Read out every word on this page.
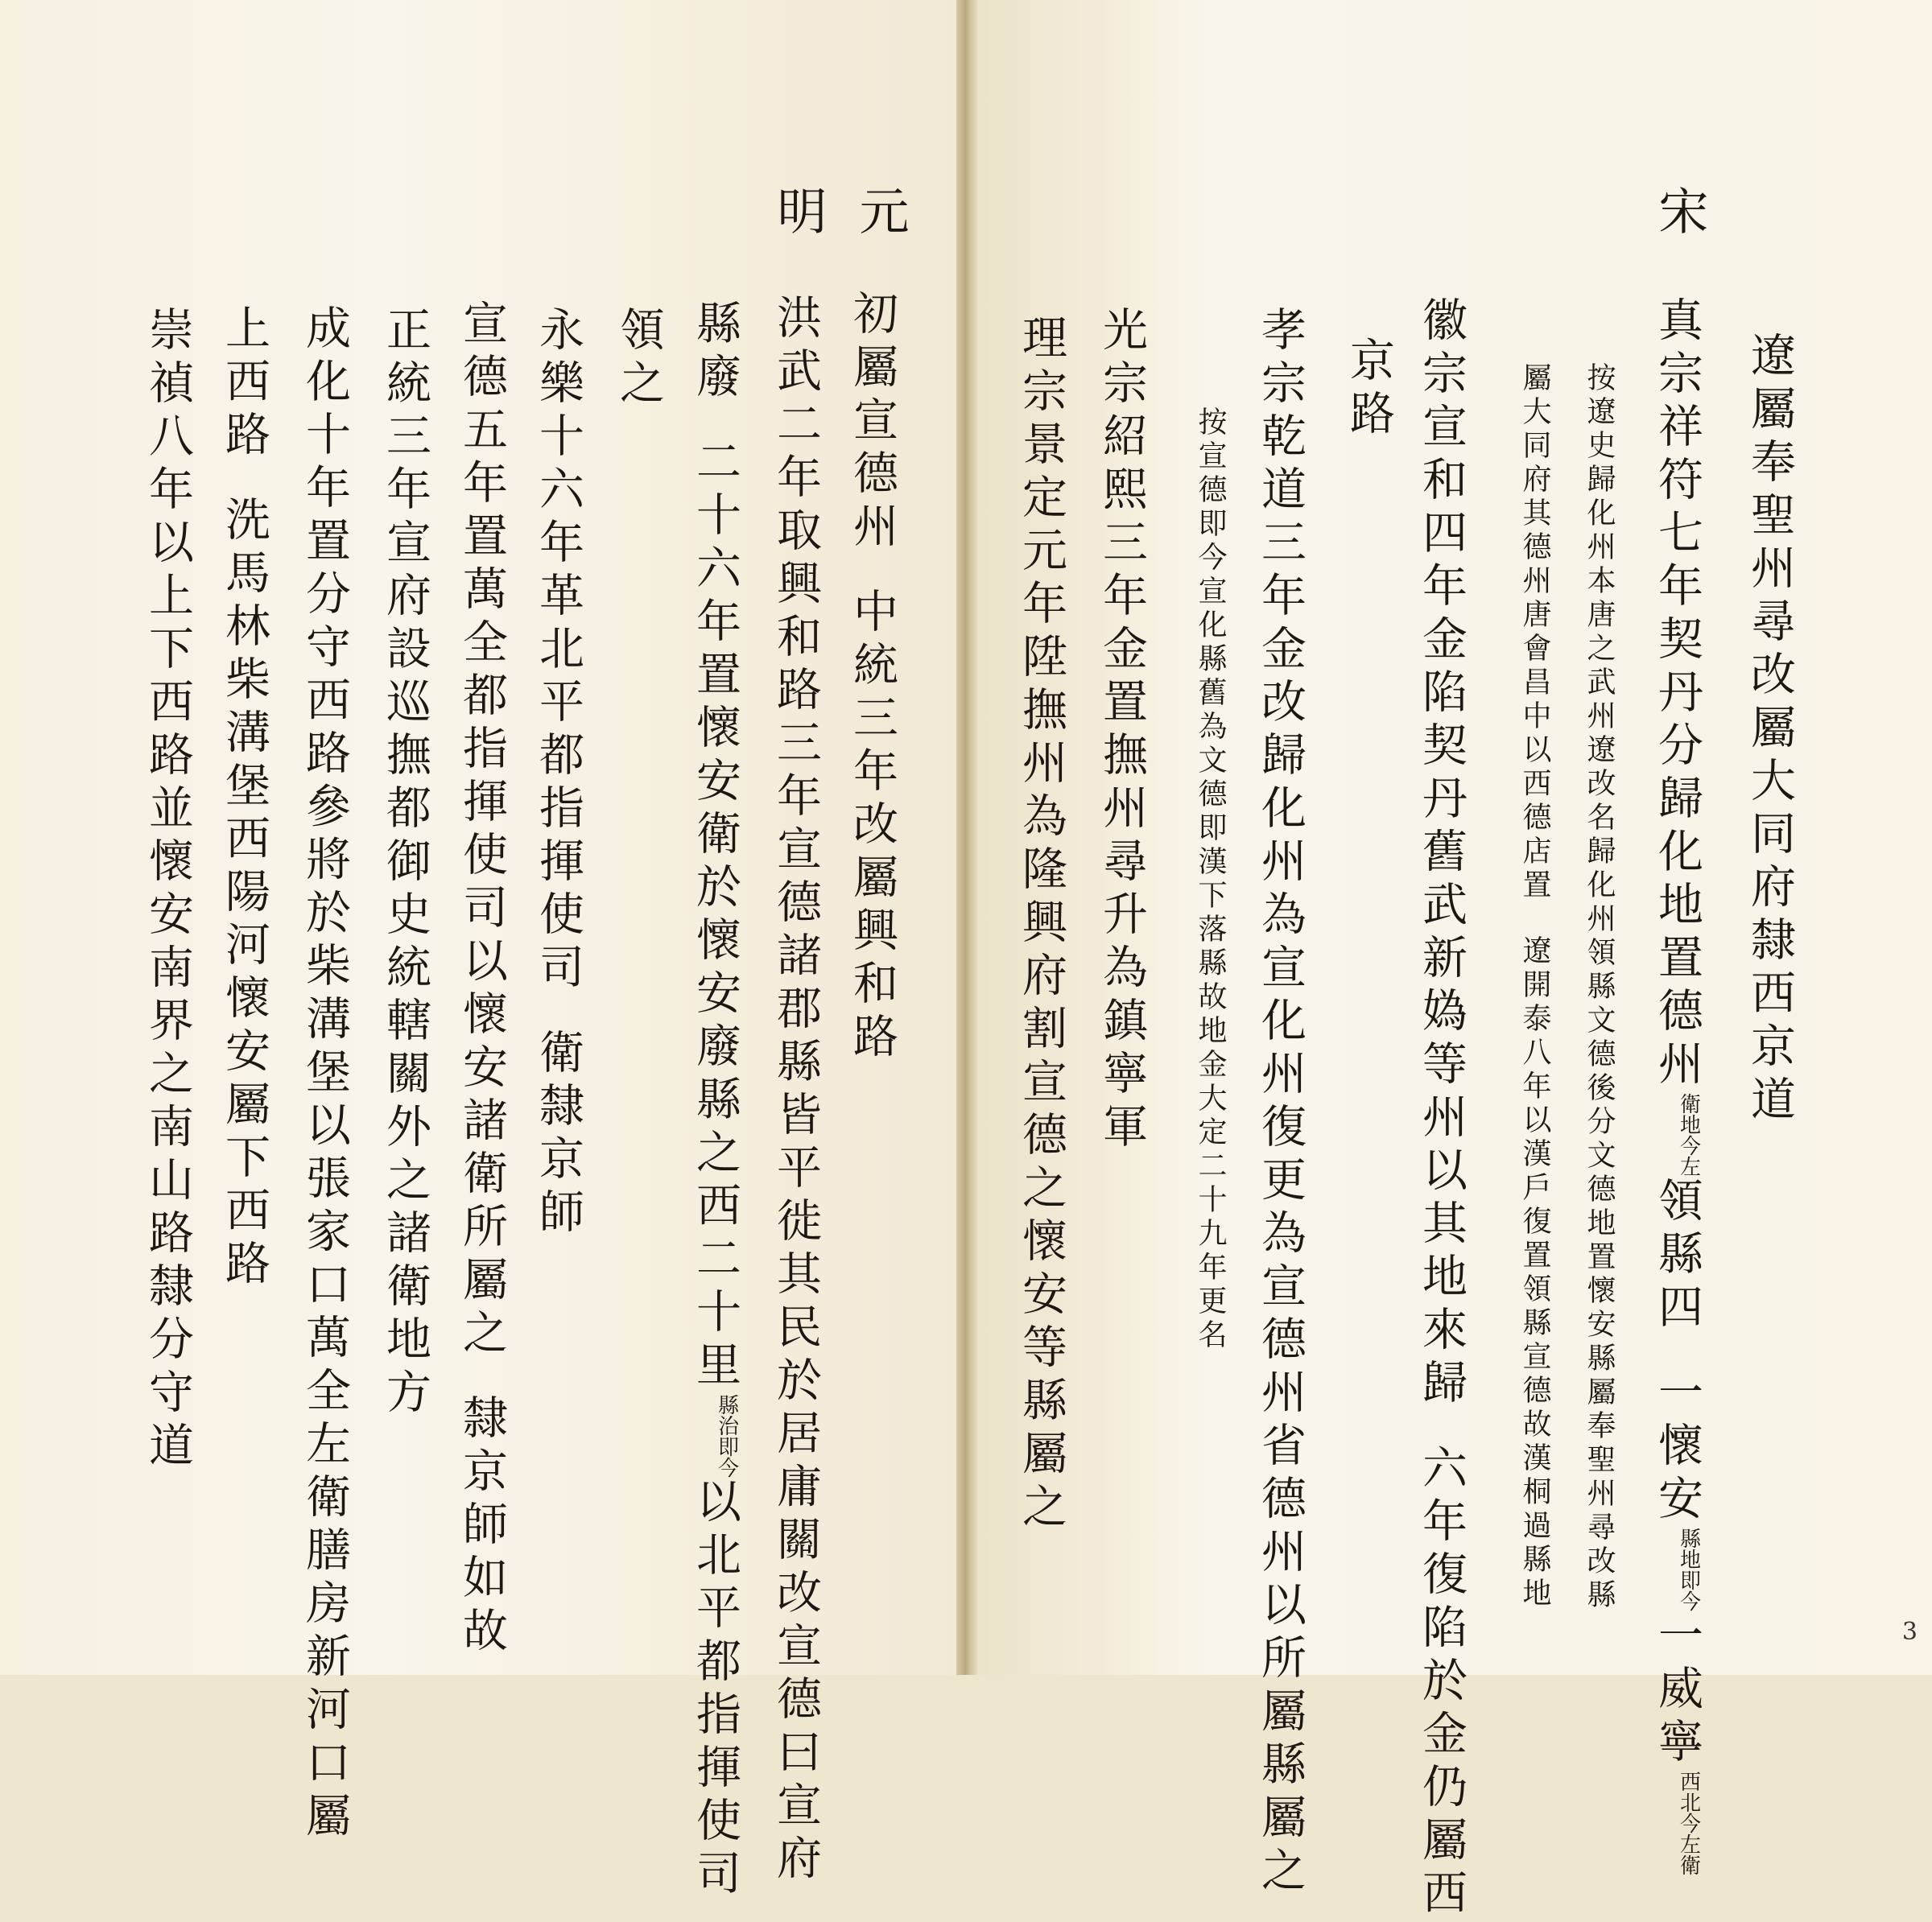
宋
遼屬奉聖州尋改屬大同府隸西京道
真宗祥符七年契丹分歸化地置德州
今左
衛地
領縣四一懷安
即今
縣地
一威寧
今左衛
西北
按遼史歸化州本唐之武州遼改名歸化州領縣文德後分文德地置懷安縣屬奉聖州尋改縣
屬大同府其德州唐會昌中以西德店置遼開泰八年以漢戶復置領縣宣德故漢桐過縣地
徽宗宣和四年金陷契丹舊武新媯等州以其地來歸六年復陷於金仍屬西
京路
孝宗乾道三年金改歸化州為宣化州復更為宣德州省德州以所屬縣屬之
按宣德即今宣化縣舊為文德即漢下落縣故地金大定二十九年更名
光宗紹熙三年金置撫州尋升為鎮寧軍
理宗景定元年陞撫州為隆興府割宣德之懷安等縣屬之
元
明
初屬宣德州中統三年改屬興和路
洪武二年取興和路三年宣德諸郡縣皆平徙其民於居庸關改宣德曰宣府
縣廢二十六年置懷安衛於懷安廢縣之西二十里
即今
縣治
以北平都指揮使司
領之
永樂十六年革北平都指揮使司衛隸京師
宣德五年置萬全都指揮使司以懷安諸衛所屬之隸京師如故
正統三年宣府設巡撫都御史統轄關外之諸衛地方
成化十年置分守西路參將於柴溝堡以張家口萬全左衛膳房新河口屬
上西路洗馬林柴溝堡西陽河懷安屬下西路
崇禎八年以上下西路並懷安南界之南山路隸分守道
3
